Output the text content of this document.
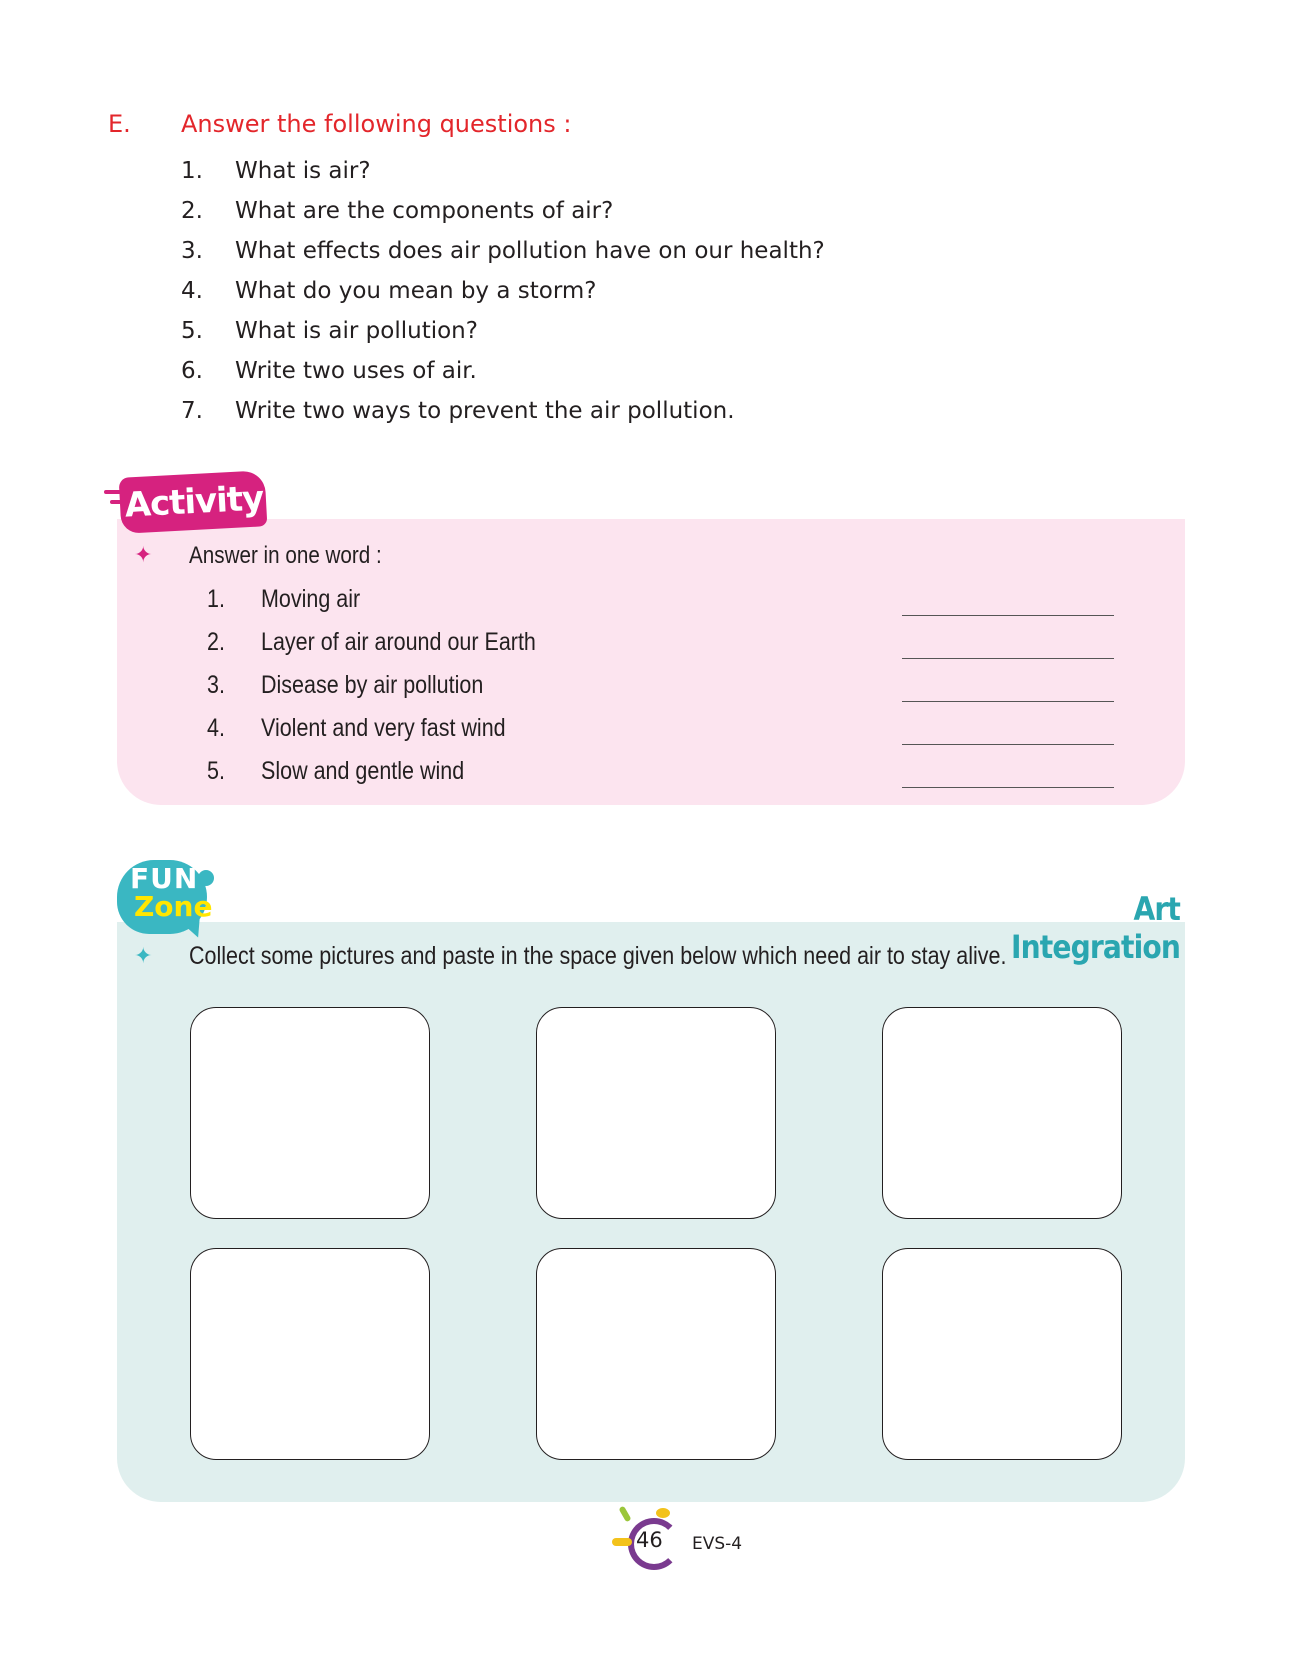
E. Answer the following questions :
1.	What is air?
2.	What are the components of air?
3.	What effects does air pollution have on our health?
4.	What do you mean by a storm?
5.	What is air pollution?
6.	Write two uses of air.
7.	Write two ways to prevent the air pollution.
Activity
✦ Answer in one word :
1.	Moving air
2.	Layer of air around our Earth
3.	Disease by air pollution
4.	Violent and very fast wind
5.	Slow and gentle wind
FUN
Zone	Art Integration
✦ Collect some pictures and paste in the space given below which need air to stay alive.
46 EVS-4
